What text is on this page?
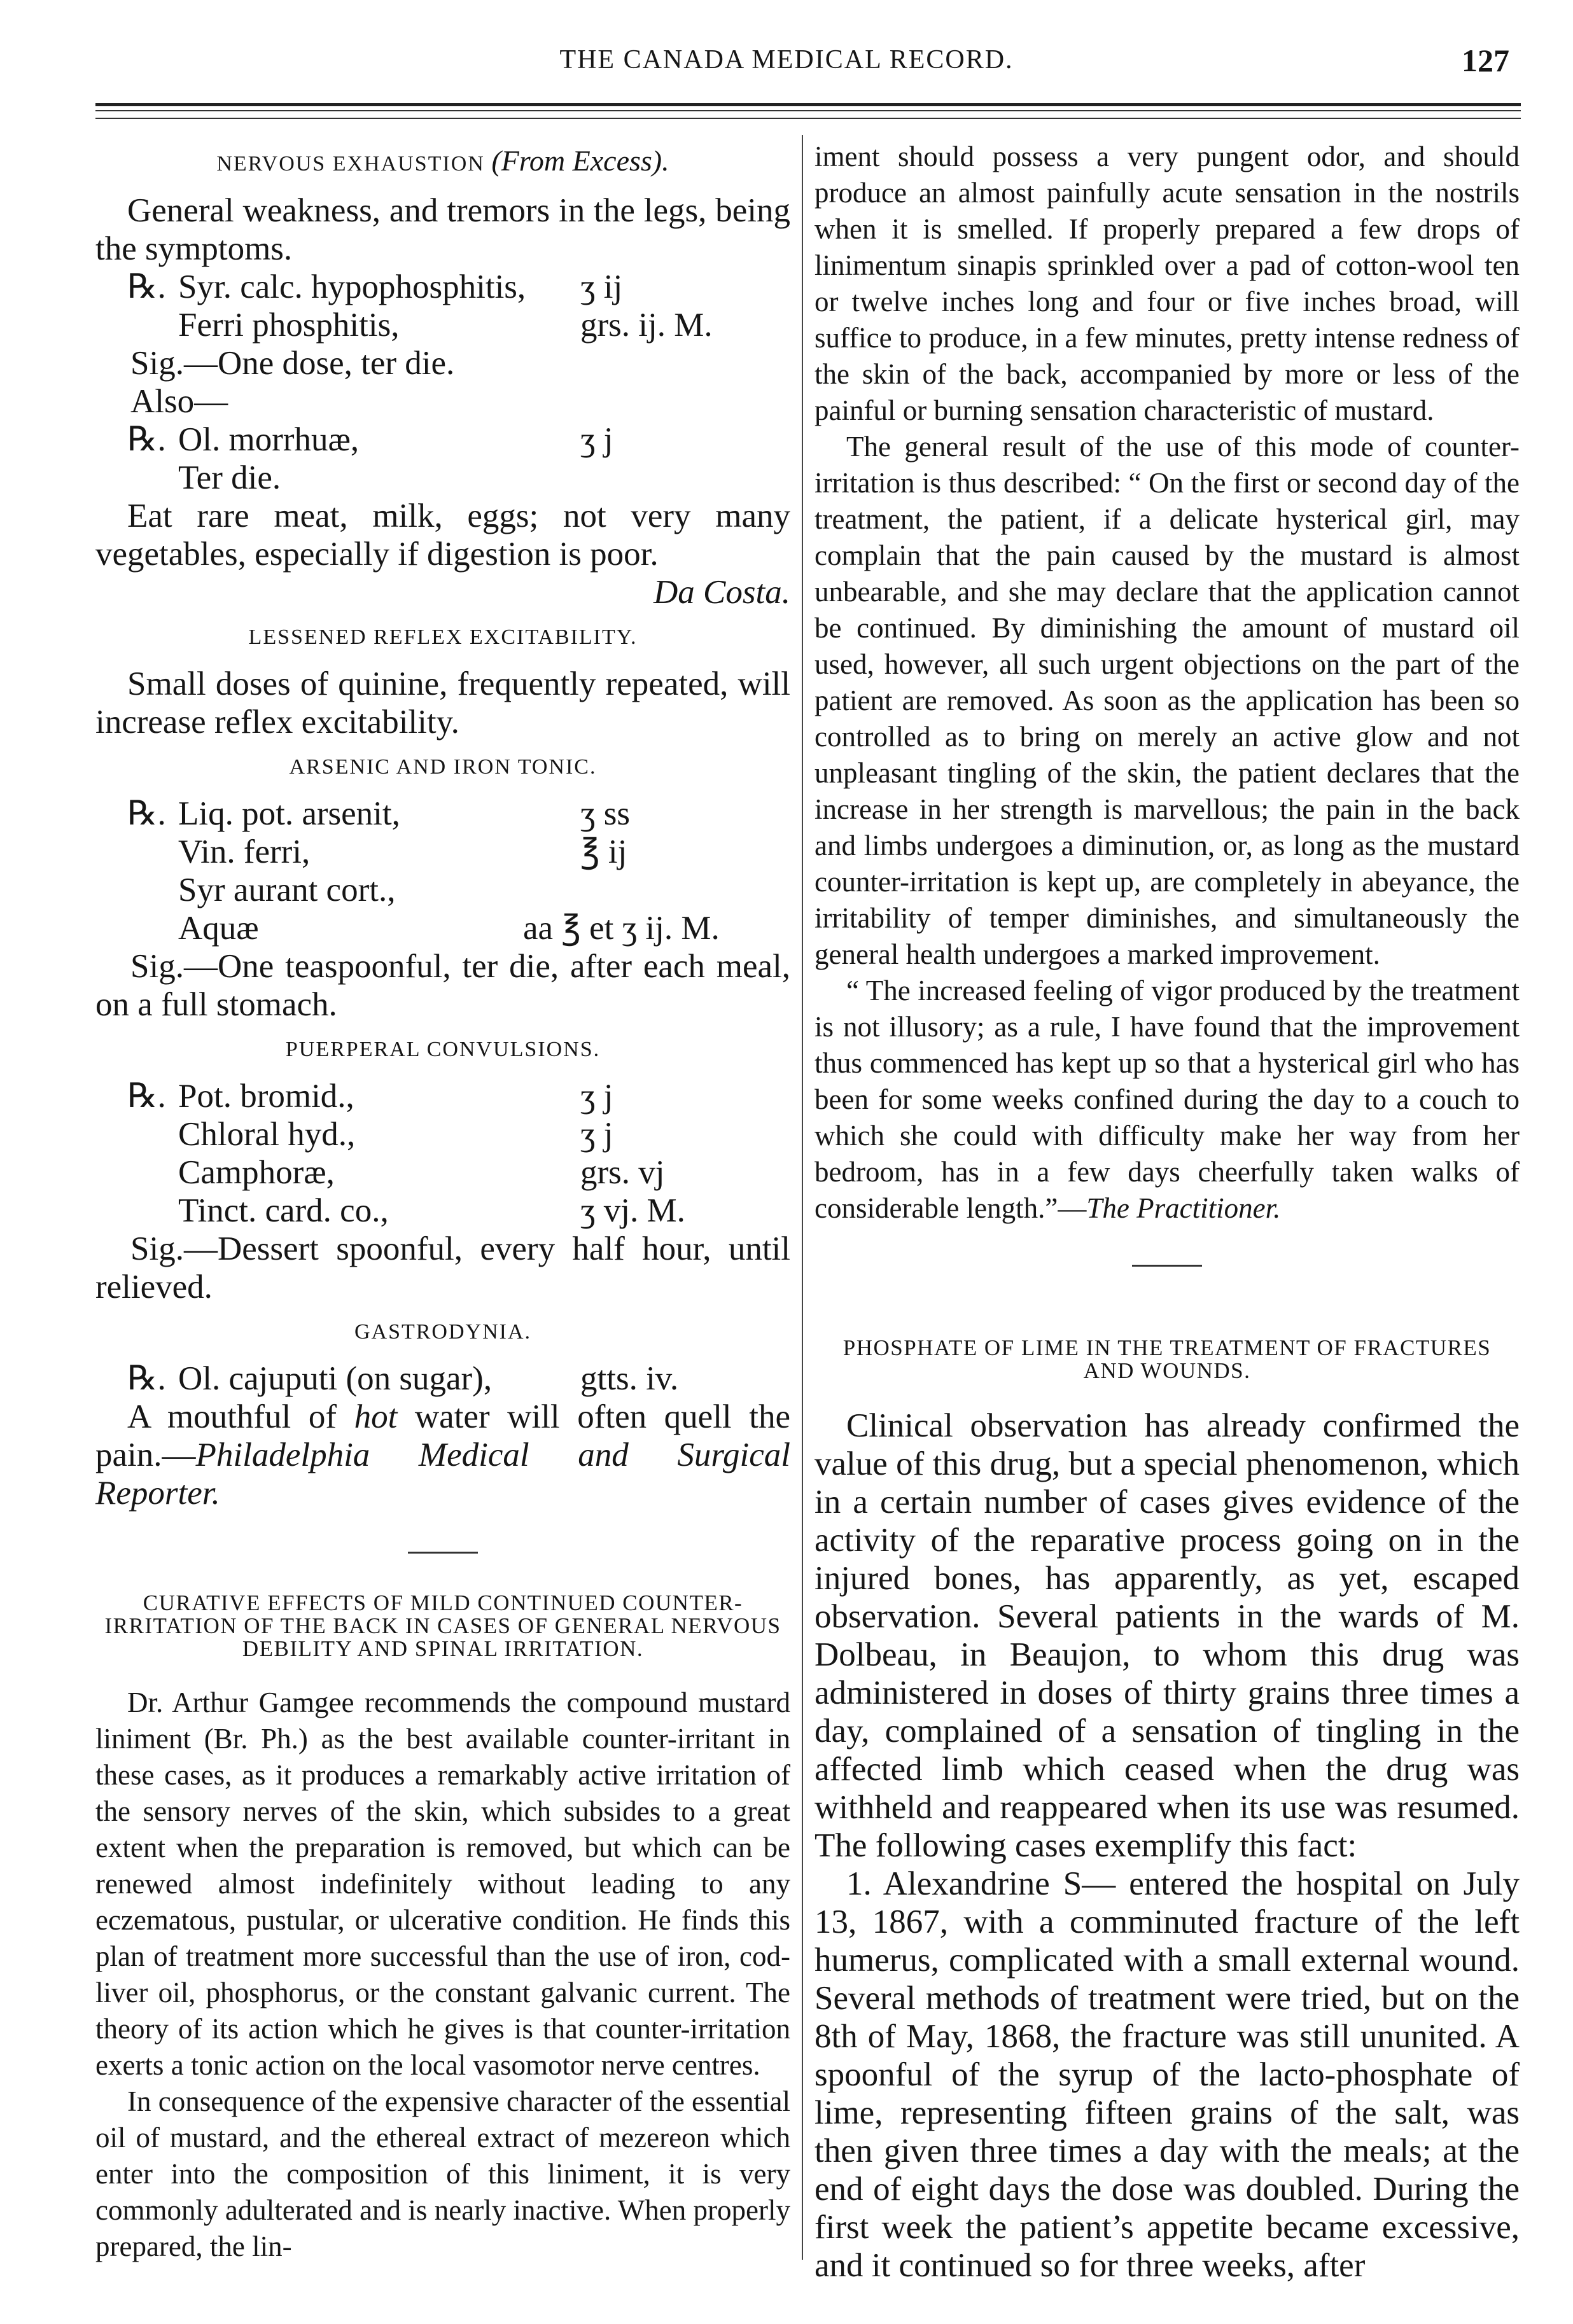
THE CANADA MEDICAL RECORD.	127
NERVOUS EXHAUSTION (From Excess).

General weakness, and tremors in the legs, being the symptoms.

℞. Syr. calc. hypophosphitis,	ʒ ij
Ferri phosphitis,	grs. ij. M.

Sig.—One dose, ter die.

Also—

℞. Ol. morrhuæ,	ʒ j

Ter die.

Eat rare meat, milk, eggs; not very many vegetables, especially if digestion is poor.

Da Costa.
LESSENED REFLEX EXCITABILITY.

Small doses of quinine, frequently repeated, will increase reflex excitability.

ARSENIC AND IRON TONIC.
℞. Liq. pot. arsenit,	ʒ ss
Vin. ferri,	℥ ij
Syr aurant cort.,
Aquæ	aa ℥ et ʒ ij. M.

Sig.—One teaspoonful, ter die, after each meal, on a full stomach.

PUERPERAL CONVULSIONS.
℞. Pot. bromid.,	ʒ j
Chloral hyd.,	ʒ j
Camphoræ,	grs. vj
Tinct. card. co.,	ʒ vj. M.

Sig.—Dessert spoonful, every half hour, until relieved.

GASTRODYNIA.
℞. Ol. cajuputi (on sugar),	gtts. iv.

A mouthful of hot water will often quell the pain.—Philadelphia Medical and Surgical Reporter.

CURATIVE EFFECTS OF MILD CONTINUED COUNTER-IRRITATION OF THE BACK IN CASES OF GENERAL NERVOUS DEBILITY AND SPINAL IRRITATION.

Dr. Arthur Gamgee recommends the compound mustard liniment (Br. Ph.) as the best available counter-irritant in these cases, as it produces a remarkably active irritation of the sensory nerves of the skin, which subsides to a great extent when the preparation is removed, but which can be renewed almost indefinitely without leading to any eczematous, pustular, or ulcerative condition. He finds this plan of treatment more successful than the use of iron, cod-liver oil, phosphorus, or the constant galvanic current. The theory of its action which he gives is that counter-irritation exerts a tonic action on the local vasomotor nerve centres.

In consequence of the expensive character of the essential oil of mustard, and the ethereal extract of mezereon which enter into the composition of this liniment, it is very commonly adulterated and is nearly inactive. When properly prepared, the lin-

iment should possess a very pungent odor, and should produce an almost painfully acute sensation in the nostrils when it is smelled. If properly prepared a few drops of linimentum sinapis sprinkled over a pad of cotton-wool ten or twelve inches long and four or five inches broad, will suffice to produce, in a few minutes, pretty intense redness of the skin of the back, accompanied by more or less of the painful or burning sensation characteristic of mustard.

The general result of the use of this mode of counter-irritation is thus described: “ On the first or second day of the treatment, the patient, if a delicate hysterical girl, may complain that the pain caused by the mustard is almost unbearable, and she may declare that the application cannot be continued. By diminishing the amount of mustard oil used, however, all such urgent objections on the part of the patient are removed. As soon as the application has been so controlled as to bring on merely an active glow and not unpleasant tingling of the skin, the patient declares that the increase in her strength is marvellous; the pain in the back and limbs undergoes a diminution, or, as long as the mustard counter-irritation is kept up, are completely in abeyance, the irritability of temper diminishes, and simultaneously the general health undergoes a marked improvement.

“ The increased feeling of vigor produced by the treatment is not illusory; as a rule, I have found that the improvement thus commenced has kept up so that a hysterical girl who has been for some weeks confined during the day to a couch to which she could with difficulty make her way from her bedroom, has in a few days cheerfully taken walks of considerable length.”—The Practitioner.

PHOSPHATE OF LIME IN THE TREATMENT OF FRACTURES AND WOUNDS.

Clinical observation has already confirmed the value of this drug, but a special phenomenon, which in a certain number of cases gives evidence of the activity of the reparative process going on in the injured bones, has apparently, as yet, escaped observation. Several patients in the wards of M. Dolbeau, in Beaujon, to whom this drug was administered in doses of thirty grains three times a day, complained of a sensation of tingling in the affected limb which ceased when the drug was withheld and reappeared when its use was resumed. The following cases exemplify this fact:

1. Alexandrine S— entered the hospital on July 13, 1867, with a comminuted fracture of the left humerus, complicated with a small external wound. Several methods of treatment were tried, but on the 8th of May, 1868, the fracture was still ununited. A spoonful of the syrup of the lacto-phosphate of lime, representing fifteen grains of the salt, was then given three times a day with the meals; at the end of eight days the dose was doubled. During the first week the patient’s appetite became excessive, and it continued so for three weeks, after
